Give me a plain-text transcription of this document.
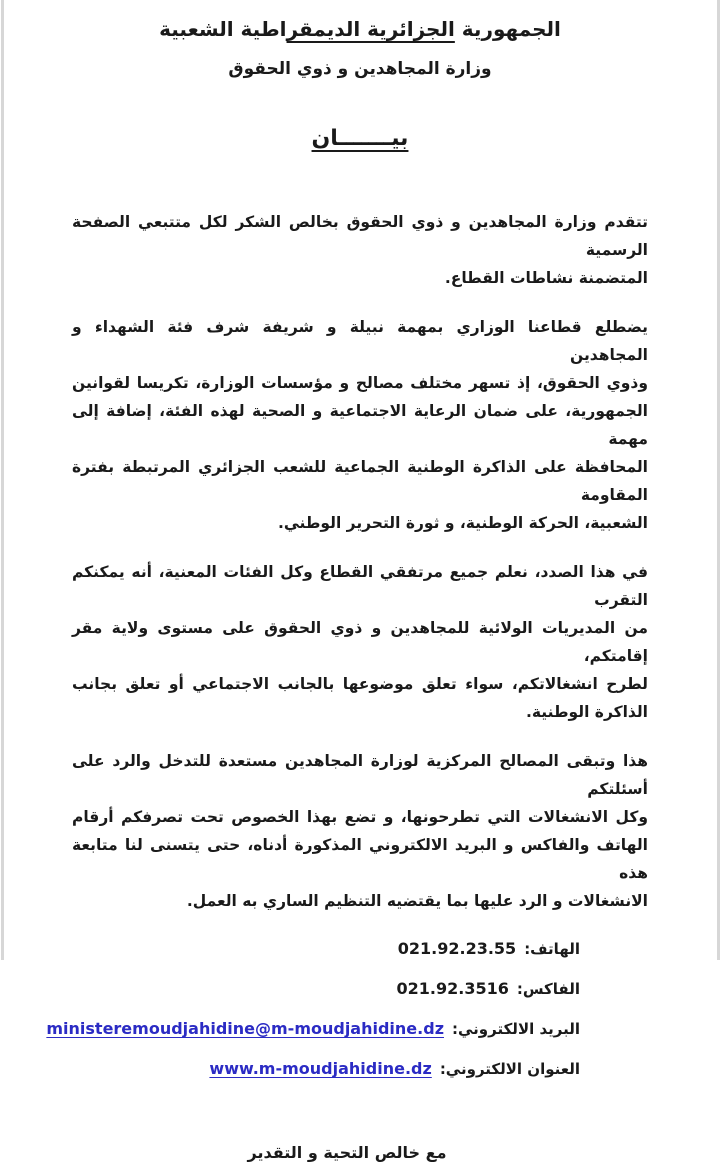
الجمهورية الجزائرية الديمقراطية الشعبية
وزارة المجاهدين و ذوي الحقوق
بيـــــــان

تتقدم وزارة المجاهدين و ذوي الحقوق بخالص الشكر لكل متتبعي الصفحة الرسمية
المتضمنة نشاطات القطاع.

يضطلع قطاعنا الوزاري بمهمة نبيلة و شريفة شرف فئة الشهداء و المجاهدين
وذوي الحقوق، إذ تسهر مختلف مصالح و مؤسسات الوزارة، تكريسا لقوانين
الجمهورية، على ضمان الرعاية الاجتماعية و الصحية لهذه الفئة، إضافة إلى مهمة
المحافظة على الذاكرة الوطنية الجماعية للشعب الجزائري المرتبطة بفترة المقاومة
الشعبية، الحركة الوطنية، و ثورة التحرير الوطني.

في هذا الصدد، نعلم جميع مرتفقي القطاع وكل الفئات المعنية، أنه يمكنكم التقرب
من المديريات الولائية للمجاهدين و ذوي الحقوق على مستوى ولاية مقر إقامتكم،
لطرح انشغالاتكم، سواء تعلق موضوعها بالجانب الاجتماعي أو تعلق بجانب
الذاكرة الوطنية.

هذا وتبقى المصالح المركزية لوزارة المجاهدين مستعدة للتدخل والرد على أسئلتكم
وكل الانشغالات التي تطرحونها، و تضع بهذا الخصوص تحت تصرفكم أرقام
الهاتف والفاكس و البريد الالكتروني المذكورة أدناه، حتى يتسنى لنا متابعة هذه
الانشغالات و الرد عليها بما يقتضيه التنظيم الساري به العمل.

الهاتف:021.92.23.55
الفاكس:021.92.3516
البريد الالكتروني:ministeremoudjahidine@m-moudjahidine.dz
العنوان الالكتروني:www.m-moudjahidine.dz
مع خالص التحية و التقدير
